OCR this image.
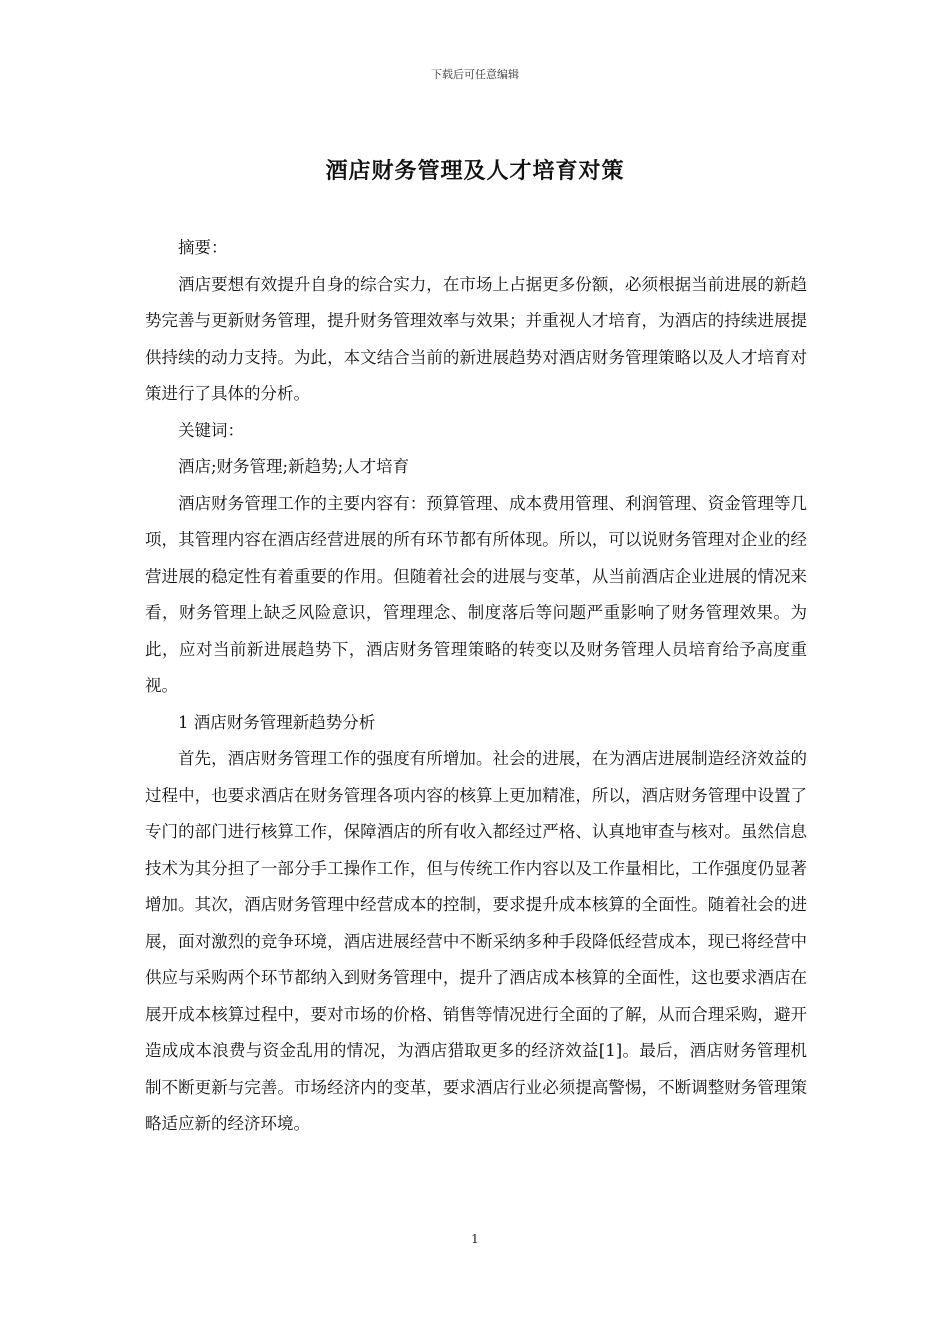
下载后可任意编辑
酒店财务管理及人才培育对策

摘要：

酒店要想有效提升自身的综合实力，在市场上占据更多份额，必须根据当前进展的新趋势完善与更新财务管理，提升财务管理效率与效果；并重视人才培育，为酒店的持续进展提供持续的动力支持。为此，本文结合当前的新进展趋势对酒店财务管理策略以及人才培育对策进行了具体的分析。

关键词：

酒店;财务管理;新趋势;人才培育

酒店财务管理工作的主要内容有：预算管理、成本费用管理、利润管理、资金管理等几项，其管理内容在酒店经营进展的所有环节都有所体现。所以，可以说财务管理对企业的经营进展的稳定性有着重要的作用。但随着社会的进展与变革，从当前酒店企业进展的情况来看，财务管理上缺乏风险意识，管理理念、制度落后等问题严重影响了财务管理效果。为此，应对当前新进展趋势下，酒店财务管理策略的转变以及财务管理人员培育给予高度重视。

1 酒店财务管理新趋势分析

首先，酒店财务管理工作的强度有所增加。社会的进展，在为酒店进展制造经济效益的过程中，也要求酒店在财务管理各项内容的核算上更加精准，所以，酒店财务管理中设置了专门的部门进行核算工作，保障酒店的所有收入都经过严格、认真地审查与核对。虽然信息技术为其分担了一部分手工操作工作，但与传统工作内容以及工作量相比，工作强度仍显著增加。其次，酒店财务管理中经营成本的控制，要求提升成本核算的全面性。随着社会的进展，面对激烈的竞争环境，酒店进展经营中不断采纳多种手段降低经营成本，现已将经营中供应与采购两个环节都纳入到财务管理中，提升了酒店成本核算的全面性，这也要求酒店在展开成本核算过程中，要对市场的价格、销售等情况进行全面的了解，从而合理采购，避开造成成本浪费与资金乱用的情况，为酒店猎取更多的经济效益[1]。最后，酒店财务管理机制不断更新与完善。市场经济内的变革，要求酒店行业必须提高警惕，不断调整财务管理策略适应新的经济环境。

1
